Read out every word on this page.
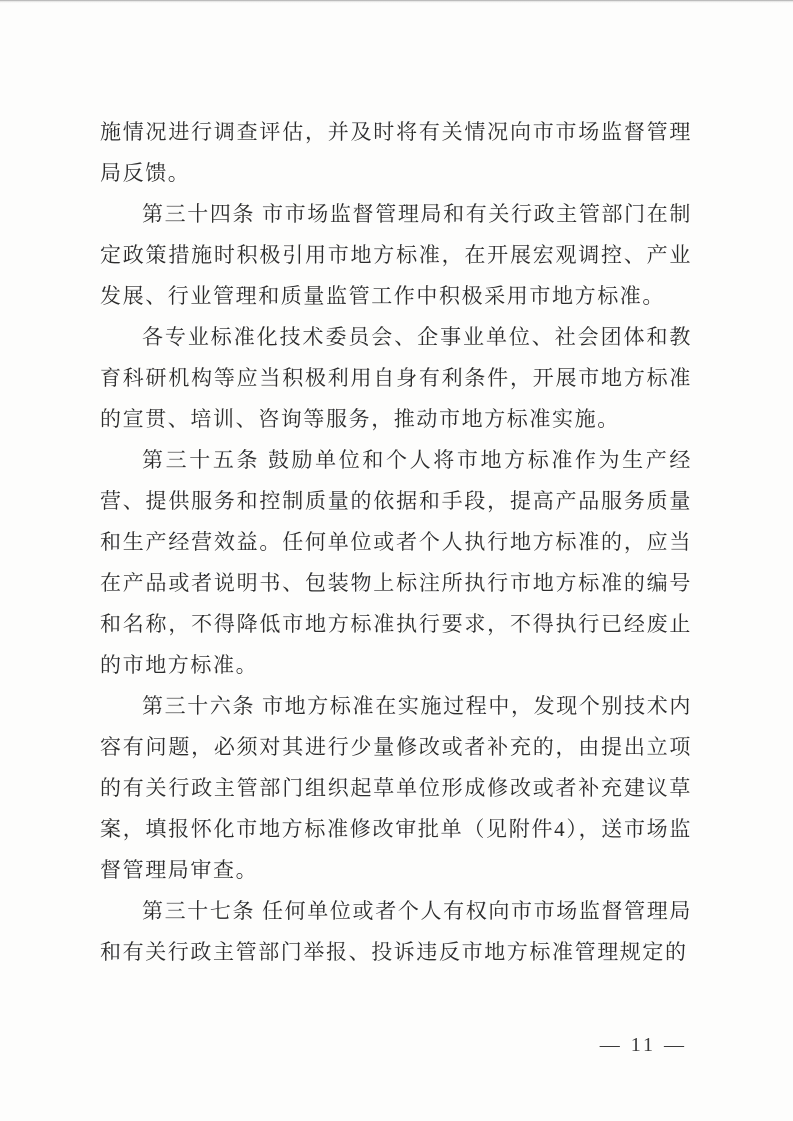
施情况进行调查评估，并及时将有关情况向市市场监督管理局反馈。

第三十四条 市市场监督管理局和有关行政主管部门在制定政策措施时积极引用市地方标准，在开展宏观调控、产业发展、行业管理和质量监管工作中积极采用市地方标准。

各专业标准化技术委员会、企事业单位、社会团体和教育科研机构等应当积极利用自身有利条件，开展市地方标准的宣贯、培训、咨询等服务，推动市地方标准实施。

第三十五条 鼓励单位和个人将市地方标准作为生产经营、提供服务和控制质量的依据和手段，提高产品服务质量和生产经营效益。任何单位或者个人执行地方标准的，应当在产品或者说明书、包装物上标注所执行市地方标准的编号和名称，不得降低市地方标准执行要求，不得执行已经废止的市地方标准。

第三十六条 市地方标准在实施过程中，发现个别技术内容有问题，必须对其进行少量修改或者补充的，由提出立项的有关行政主管部门组织起草单位形成修改或者补充建议草案，填报怀化市地方标准修改审批单（见附件4），送市场监督管理局审查。

第三十七条 任何单位或者个人有权向市市场监督管理局和有关行政主管部门举报、投诉违反市地方标准管理规定的

— 11 —
